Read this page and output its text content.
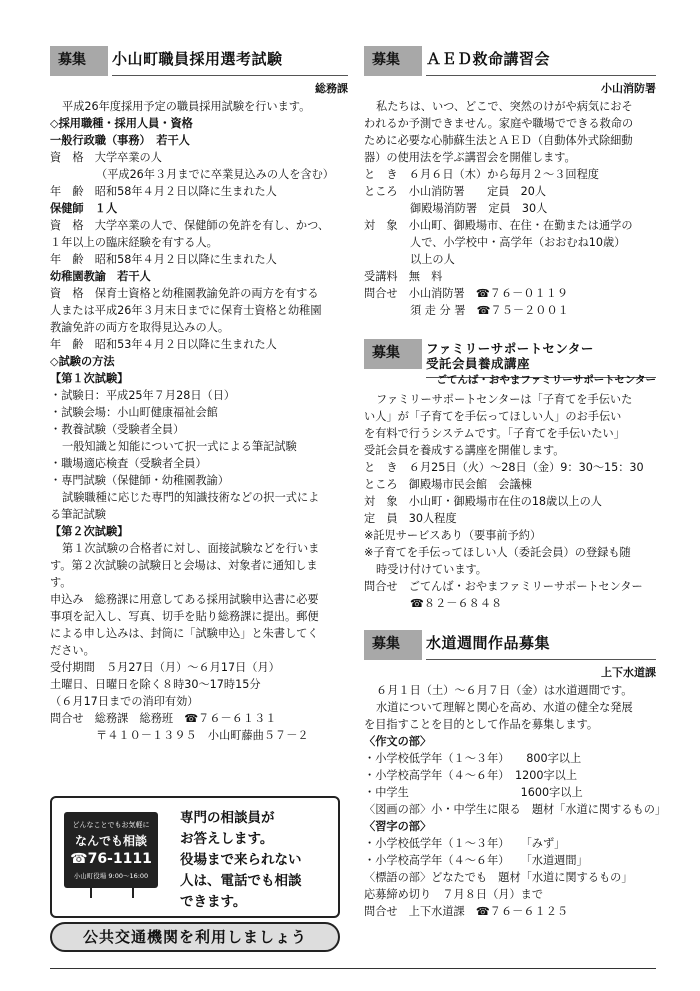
募集	小山町職員採用選考試験
総務課

平成26年度採用予定の職員採用試験を行います。

◇採用職種・採用人員・資格

一般行政職（事務）　若干人

資　格　大学卒業の人

（平成26年３月までに卒業見込みの人を含む）

年　齢　昭和58年４月２日以降に生まれた人

保健師　１人

資　格　大学卒業の人で、保健師の免許を有し、かつ、

１年以上の臨床経験を有する人。

年　齢　昭和58年４月２日以降に生まれた人

幼稚園教諭　若干人

資　格　保育士資格と幼稚園教諭免許の両方を有する

人または平成26年３月末日までに保育士資格と幼稚園

教諭免許の両方を取得見込みの人。

年　齢　昭和53年４月２日以降に生まれた人

◇試験の方法

【第１次試験】

・試験日：平成25年７月28日（日）

・試験会場：小山町健康福祉会館

・教養試験（受験者全員）

一般知識と知能について択一式による筆記試験

・職場適応検査（受験者全員）

・専門試験（保健師・幼稚園教諭）

試験職種に応じた専門的知識技術などの択一式によ

る筆記試験

【第２次試験】

第１次試験の合格者に対し、面接試験などを行いま

す。第２次試験の試験日と会場は、対象者に通知しま

す。

申込み　総務課に用意してある採用試験申込書に必要

事項を記入し、写真、切手を貼り総務課に提出。郵便

による申し込みは、封筒に「試験申込」と朱書してく

ださい。

受付期間　５月27日（月）～６月17日（月）

土曜日、日曜日を除く８時30～17時15分

（６月17日までの消印有効）

問合せ　総務課　総務班　☎７６－６１３１

〒４１０－１３９５　小山町藤曲５７－２

どんなことでもお気軽に
なんでも相談
☎76-1111
小山町役場 9:00～16:00
専門の相談員が
お答えします。
役場まで来られない
人は、電話でも相談
できます。
公共交通機関を利用しましょう
募集	ＡＥＤ救命講習会
小山消防署

私たちは、いつ、どこで、突然のけがや病気におそ

われるか予測できません。家庭や職場でできる救命の

ために必要な心肺蘇生法とＡＥＤ（自動体外式除細動

器）の使用法を学ぶ講習会を開催します。

と　き　６月６日（木）から毎月２～３回程度

ところ　小山消防署　　定員　20人

御殿場消防署　定員　30人

対　象　小山町、御殿場市、在住・在勤または通学の

人で、小学校中・高学年（おおむね10歳）

以上の人

受講料　無　料

問合せ　小山消防署　☎７６－０１１９

須 走 分 署　☎７５－２００１

募集	ファミリーサポートセンター
受託会員養成講座
ごてんば・おやまファミリーサポートセンター

ファミリーサポートセンターは「子育てを手伝いた

い人」が「子育てを手伝ってほしい人」のお手伝い

を有料で行うシステムです。「子育てを手伝いたい」

受託会員を養成する講座を開催します。

と　き　６月25日（火）～28日（金）9：30～15：30

ところ　御殿場市民会館　会議棟

対　象　小山町・御殿場市在住の18歳以上の人

定　員　30人程度

※託児サービスあり（要事前予約）

※子育てを手伝ってほしい人（委託会員）の登録も随

時受け付けています。

問合せ　ごてんば・おやまファミリーサポートセンター

☎８２－６８４８

募集	水道週間作品募集
上下水道課

６月１日（土）～６月７日（金）は水道週間です。

水道について理解と関心を高め、水道の健全な発展

を目指すことを目的として作品を募集します。

〈作文の部〉

・小学校低学年（１～３年）　　800字以上

・小学校高学年（４～６年）　1200字以上

・中学生　　　　　　　　　　1600字以上

〈図画の部〉小・中学生に限る　題材「水道に関するもの」

〈習字の部〉

・小学校低学年（１～３年）　　「みず」

・小学校高学年（４～６年）　　「水道週間」

〈標語の部〉どなたでも　題材「水道に関するもの」

応募締め切り　７月８日（月）まで

問合せ　上下水道課　☎７６－６１２５
